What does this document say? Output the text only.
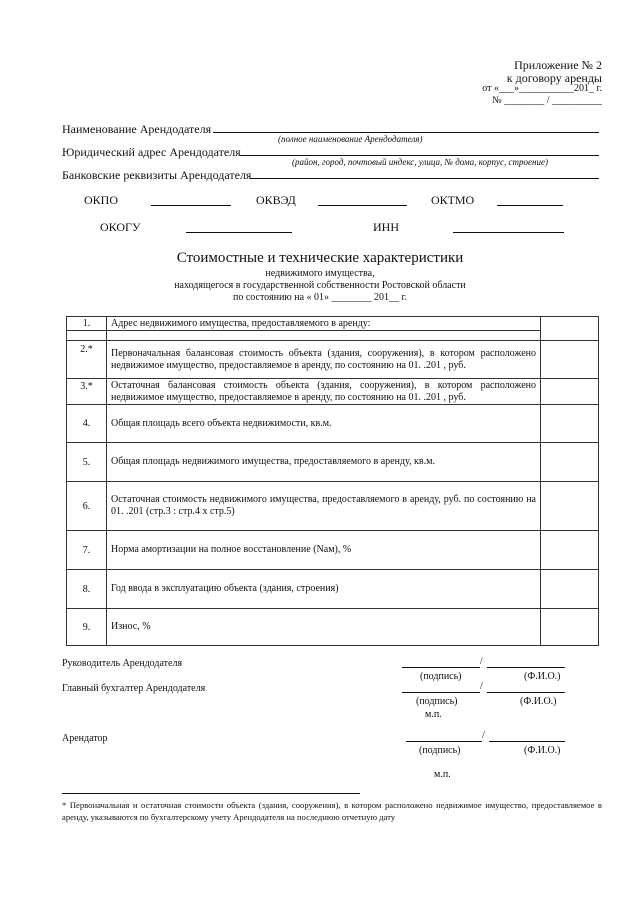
Приложение № 2
к договору аренды
от «___»___________201_ г.
№ ________ / __________
Наименование Арендодателя
(полное наименование Арендодателя)
Юридический адрес Арендодателя
(район, город, почтовый индекс, улица, № дома, корпус, строение)
Банковские реквизиты Арендодателя
ОКПО	ОКВЭД	ОКТМО
ОКОГУ	ИНН
Стоимостные и технические характеристики
недвижимого имущества,
находящегося в государственной собственности Ростовской области
по состоянию на « 01» ________ 201__ г.
1.	Адрес недвижимого имущества, предоставляемого в аренду:	

2.*	Первоначальная балансовая стоимость объекта (здания, сооружения), в котором расположено недвижимое имущество, предоставляемое в аренду, по состоянию на 01. .201 , руб.	
3.*	Остаточная балансовая стоимость объекта (здания, сооружения), в котором расположено недвижимое имущество, предоставляемое в аренду, по состоянию на 01. .201 , руб.	
4.	Общая площадь всего объекта недвижимости, кв.м.	
5.	Общая площадь недвижимого имущества, предоставляемого в аренду, кв.м.	
6.	Остаточная стоимость недвижимого имущества, предоставляемого в аренду, руб. по состоянию на 01. .201 (стр.3 : стр.4 х стр.5)	
7.	Норма амортизации на полное восстановление (Nам), %	
8.	Год ввода в эксплуатацию объекта (здания, строения)	
9.	Износ, %	
Руководитель Арендодателя	/
(подпись)	(Ф.И.О.)
Главный бухгалтер Арендодателя	/
(подпись)	(Ф.И.О.)
м.п.
Арендатор	/
(подпись)	(Ф.И.О.)
м.п.
* Первоначальная и остаточная стоимости объекта (здания, сооружения), в котором расположено недвижимое имущество, предоставляемое в аренду, указываются по бухгалтерскому учету Арендодателя на последнюю отчетную дату
